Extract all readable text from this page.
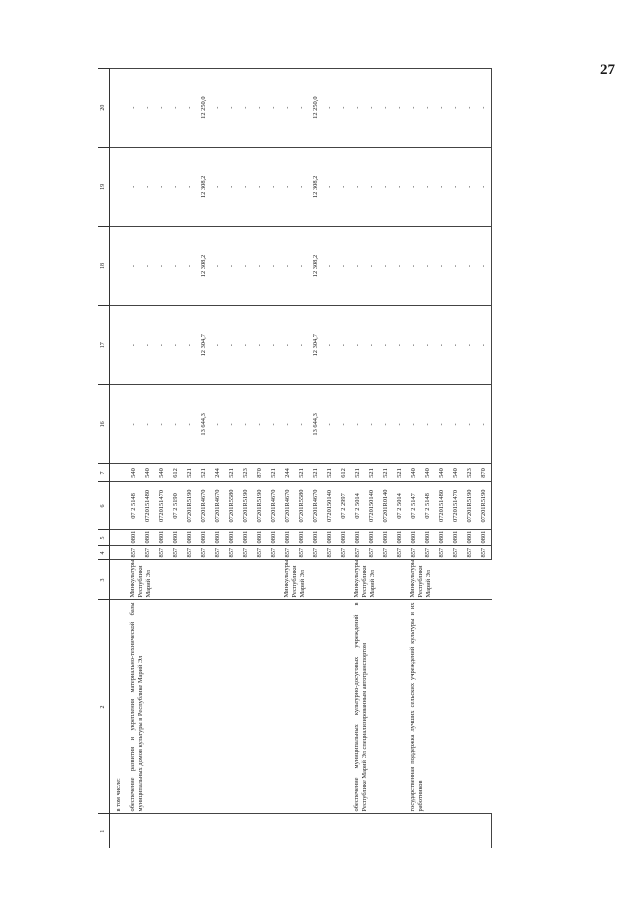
27
1	2	3	4	5	6	7	16	17	18	19	20
	в том числе:										
	обеспечение развития и укрепления материально-технической базы муниципальных домов культуры в Республике Марий Эл	Минкультуры Республики Марий Эл	857	0801	07 2 5148	540	-	-	-	-	-
			857	0801	0720151480	540	-	-	-	-	-
			857	0801	0720151470	540	-	-	-	-	-
			857	0801	07 2 5190	612	-	-	-	-	-
			857	0801	07201R5190	521	-	-	-	-	-
			857	0801	07201R4670	521	13 644,3	12 304,7	12 308,2	12 308,2	12 250,0
			857	0801	07201R4670	244	-	-	-	-	-
			857	0801	07201R5580	521	-	-	-	-	-
			857	0801	07201R5190	523	-	-	-	-	-
			857	0801	07201R5190	870	-	-	-	-	-
			857	0801	07201R4670	521	-	-	-	-	-
		Минкультуры Республики Марий Эл	857	0801	07201R4670	244	-	-	-	-	-
			857	0801	07201R5580	521	-	-	-	-	-
			857	0801	07201R4670	521	13 644,3	12 304,7	12 308,2	12 308,2	12 250,0
			857	0801	0720150140	521	-	-	-	-	-
			857	0801	07 2 2997	612	-	-	-	-	-
	обеспечение муниципальных культурно-досуговых учреждений в Республике Марий Эл специализированным автотранспортом	Минкультуры Республики Марий Эл	857	0801	07 2 5014	521	-	-	-	-	-
			857	0801	0720150140	521	-	-	-	-	-
			857	0801	07201R0140	521	-	-	-	-	-
			857	0801	07 2 5014	521	-	-	-	-	-
	государственная поддержка лучших сельских учреждений культуры и их работников	Минкультуры Республики Марий Эл	857	0801	07 2 5147	540	-	-	-	-	-
			857	0801	07 2 5148	540	-	-	-	-	-
			857	0801	0720151480	540	-	-	-	-	-
			857	0801	0720151470	540	-	-	-	-	-
			857	0801	07201R5190	523	-	-	-	-	-
			857	0801	07201R5190	870	-	-	-	-	-
